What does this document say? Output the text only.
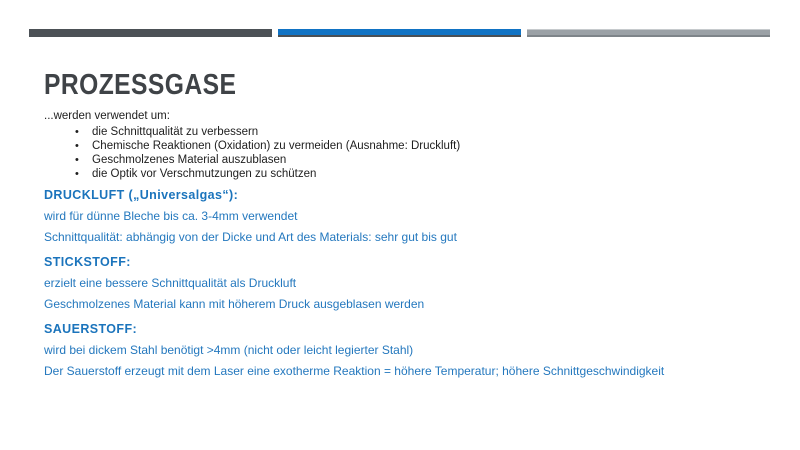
PROZESSGASE

...werden verwendet um:

• die Schnittqualität zu verbessern
• Chemische Reaktionen (Oxidation) zu vermeiden (Ausnahme: Druckluft)
• Geschmolzenes Material auszublasen
• die Optik vor Verschmutzungen zu schützen

DRUCKLUFT („Universalgas“):

wird für dünne Bleche bis ca. 3-4mm verwendet

Schnittqualität: abhängig von der Dicke und Art des Materials: sehr gut bis gut

STICKSTOFF:

erzielt eine bessere Schnittqualität als Druckluft

Geschmolzenes Material kann mit höherem Druck ausgeblasen werden

SAUERSTOFF:

wird bei dickem Stahl benötigt >4mm (nicht oder leicht legierter Stahl)

Der Sauerstoff erzeugt mit dem Laser eine exotherme Reaktion = höhere Temperatur; höhere Schnittgeschwindigkeit
